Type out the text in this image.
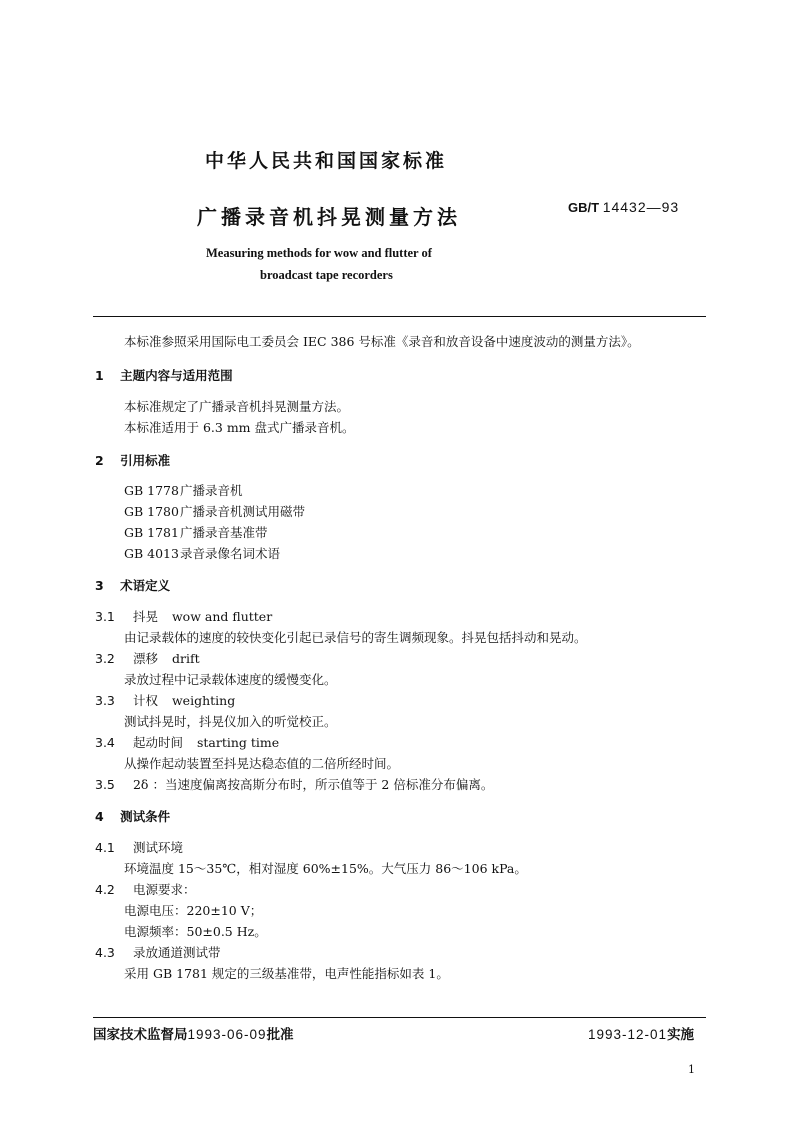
中华人民共和国国家标准
广播录音机抖晃测量方法	GB/T 14432—93
Measuring methods for wow and flutter of
broadcast tape recorders
本标准参照采用国际电工委员会 IEC 386 号标准《录音和放音设备中速度波动的测量方法》。
1 主题内容与适用范围
本标准规定了广播录音机抖晃测量方法。
本标准适用于 6.3 mm 盘式广播录音机。
2 引用标准
GB 1778 广播录音机
GB 1780 广播录音机测试用磁带
GB 1781 广播录音基准带
GB 4013 录音录像名词术语
3 术语定义
3.1 抖晃 wow and flutter
由记录载体的速度的较快变化引起已录信号的寄生调频现象。抖晃包括抖动和晃动。
3.2 漂移 drift
录放过程中记录载体速度的缓慢变化。
3.3 计权 weighting
测试抖晃时，抖晃仪加入的听觉校正。
3.4 起动时间 starting time
从操作起动装置至抖晃达稳态值的二倍所经时间。
3.5 2δ ：当速度偏离按高斯分布时，所示值等于 2 倍标准分布偏离。
4 测试条件
4.1 测试环境
环境温度 15～35℃，相对湿度 60%±15%。大气压力 86～106 kPa。
4.2 电源要求：
电源电压：220±10 V；
电源频率：50±0.5 Hz。
4.3 录放通道测试带
采用 GB 1781 规定的三级基准带，电声性能指标如表 1。
国家技术监督局1993-06-09批准	1993-12-01实施
1
